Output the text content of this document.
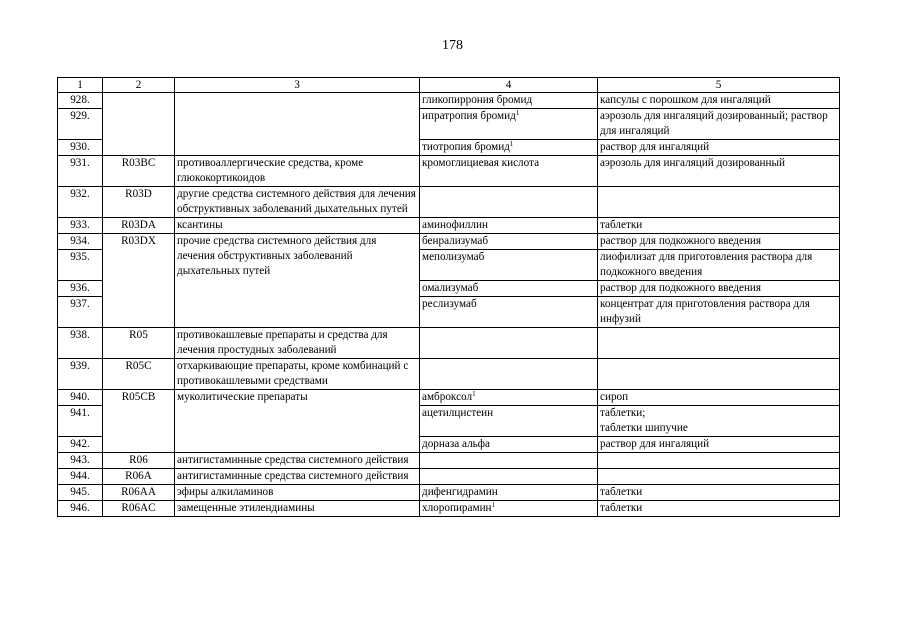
178
1	2	3	4	5
928.			гликопиррония бромид	капсулы с порошком для ингаляций
929.			ипратропия бромид$^1$	аэрозоль для ингаляций дозированный; раствор для ингаляций
930.			тиотропия бромид$^1$	раствор для ингаляций
931.	R03BC	противоаллергические средства, кроме глюкокортикоидов	кромоглициевая кислота	аэрозоль для ингаляций дозированный
932.	R03D	другие средства системного действия для лечения обструктивных заболеваний дыхательных путей		
933.	R03DA	ксантины	аминофиллин	таблетки
934.	R03DX	прочие средства системного действия для лечения обструктивных заболеваний дыхательных путей	бенрализумаб	раствор для подкожного введения
935.			меполизумаб	лиофилизат для приготовления раствора для подкожного введения
936.			омализумаб	раствор для подкожного введения
937.			реслизумаб	концентрат для приготовления раствора для инфузий
938.	R05	противокашлевые препараты и средства для лечения простудных заболеваний		
939.	R05C	отхаркивающие препараты, кроме комбинаций с противокашлевыми средствами		
940.	R05CB	муколитические препараты	амброксол$^1$	сироп
941.			ацетилцистеин	таблетки;
таблетки шипучие

942.			дорназа альфа	раствор для ингаляций
943.	R06	антигистаминные средства системного действия		
944.	R06A	антигистаминные средства системного действия		
945.	R06AA	эфиры алкиламинов	дифенгидрамин	таблетки
946.	R06AC	замещенные этилендиамины	хлоропирамин$^1$	таблетки
